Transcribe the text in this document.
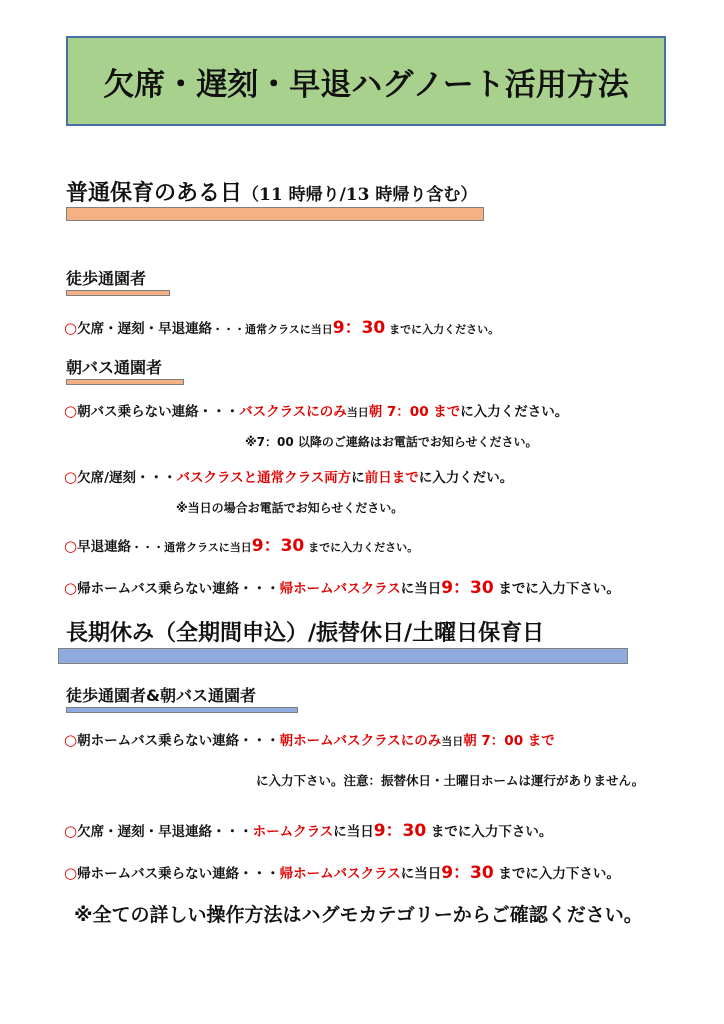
欠席・遅刻・早退ハグノート活用方法
普通保育のある日（11 時帰り/13 時帰り含む）
徒歩通園者
○欠席・遅刻・早退連絡・・・通常クラスに当日9：30 までに入力ください。
朝バス通園者
○朝バス乗らない連絡・・・バスクラスにのみ当日朝 7：00 までに入力ください。
※7：00 以降のご連絡はお電話でお知らせください。
○欠席/遅刻・・・バスクラスと通常クラス両方に前日までに入力くだい。
※当日の場合お電話でお知らせください。
○早退連絡・・・通常クラスに当日9：30 までに入力ください。
○帰ホームバス乗らない連絡・・・帰ホームバスクラスに当日9：30 までに入力下さい。
長期休み（全期間申込）/振替休日/土曜日保育日
徒歩通園者&朝バス通園者
○朝ホームバス乗らない連絡・・・朝ホームバスクラスにのみ当日朝 7：00 まで
に入力下さい。注意：振替休日・土曜日ホームは運行がありません。
○欠席・遅刻・早退連絡・・・ホームクラスに当日9：30 までに入力下さい。
○帰ホームバス乗らない連絡・・・帰ホームバスクラスに当日9：30 までに入力下さい。
※全ての詳しい操作方法はハグモカテゴリーからご確認ください。
